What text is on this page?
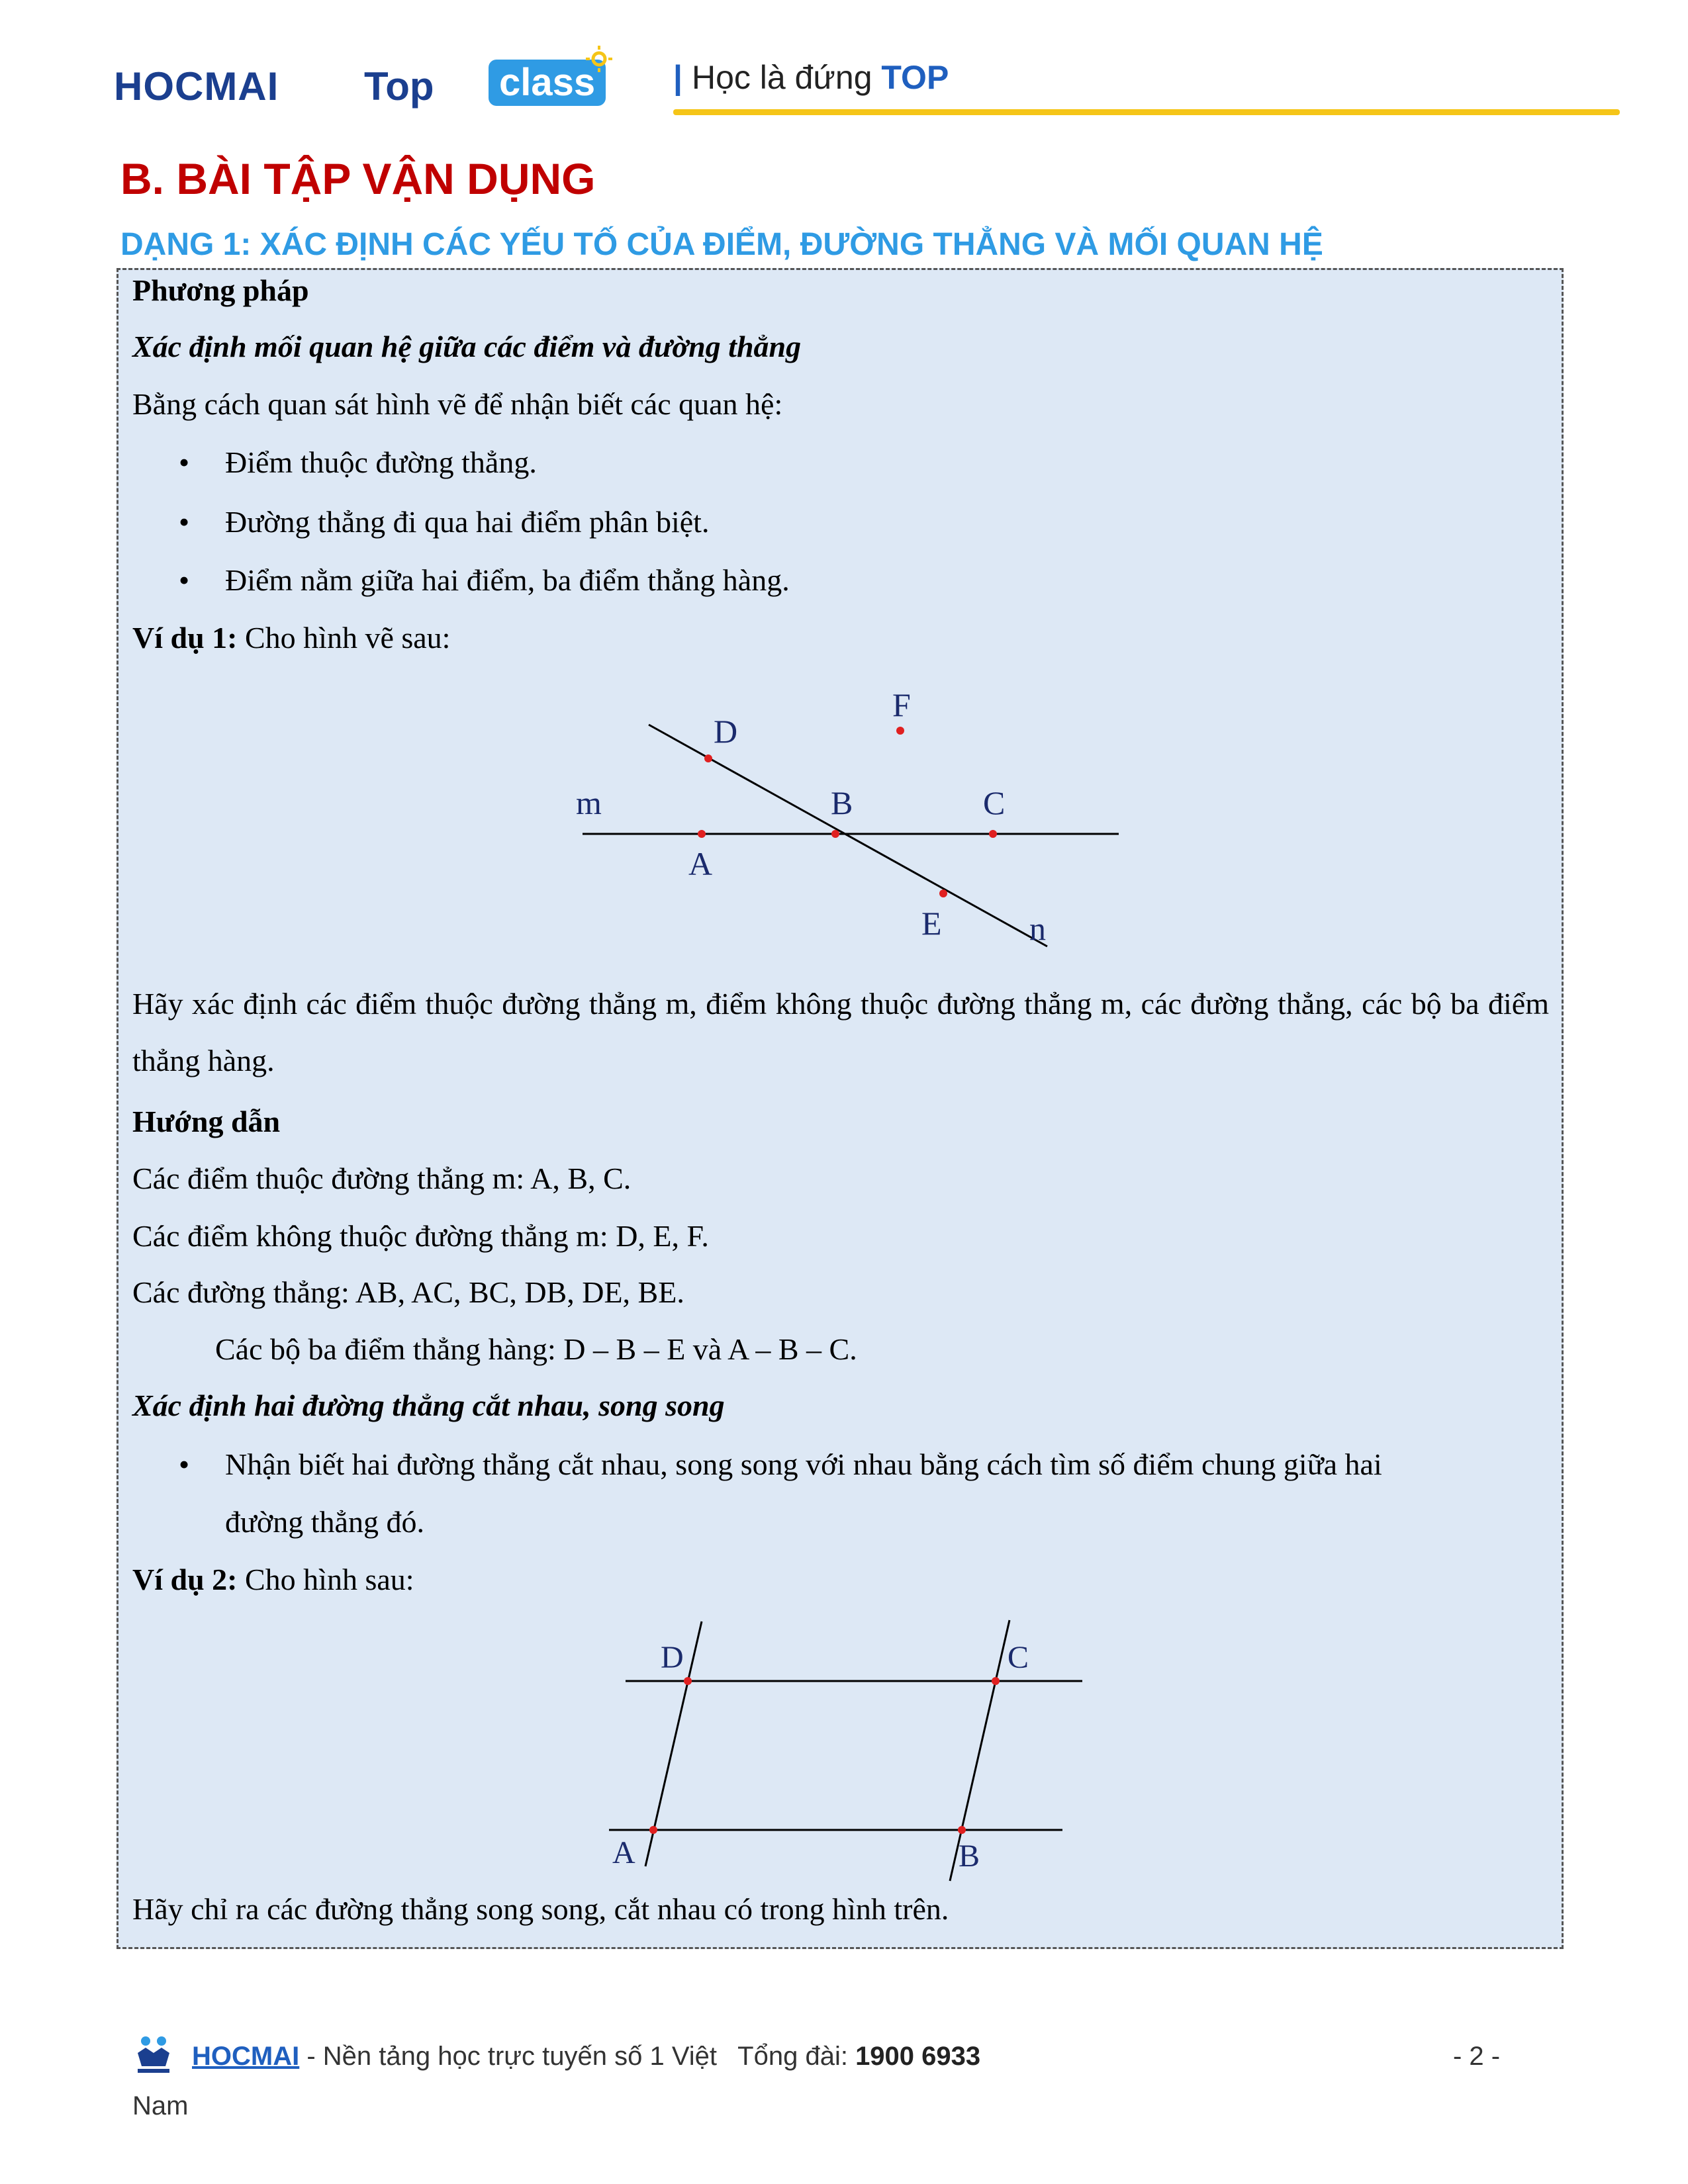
HOCMAI Top class	| Học là đứng TOP
B. BÀI TẬP VẬN DỤNG
DẠNG 1: XÁC ĐỊNH CÁC YẾU TỐ CỦA ĐIỂM, ĐƯỜNG THẲNG VÀ MỐI QUAN HỆ
Phương pháp
Xác định mối quan hệ giữa các điểm và đường thẳng
Bằng cách quan sát hình vẽ để nhận biết các quan hệ:
• Điểm thuộc đường thẳng.
• Đường thẳng đi qua hai điểm phân biệt.
• Điểm nằm giữa hai điểm, ba điểm thẳng hàng.
Ví dụ 1: Cho hình vẽ sau:
D
F
m	B	C
A
E	n
Hãy xác định các điểm thuộc đường thẳng m, điểm không thuộc đường thẳng m, các đường thẳng, các bộ ba điểm thẳng hàng.
Hướng dẫn
Các điểm thuộc đường thẳng m: A, B, C.
Các điểm không thuộc đường thẳng m: D, E, F.
Các đường thẳng: AB, AC, BC, DB, DE, BE.
Các bộ ba điểm thẳng hàng: D – B – E và A – B – C.
Xác định hai đường thẳng cắt nhau, song song
• Nhận biết hai đường thẳng cắt nhau, song song với nhau bằng cách tìm số điểm chung giữa hai
đường thẳng đó.
Ví dụ 2: Cho hình sau:
D	C
A	B
Hãy chỉ ra các đường thẳng song song, cắt nhau có trong hình trên.
HOCMAI - Nền tảng học trực tuyến số 1 Việt Tổng đài: 1900 6933	- 2 -
Nam
